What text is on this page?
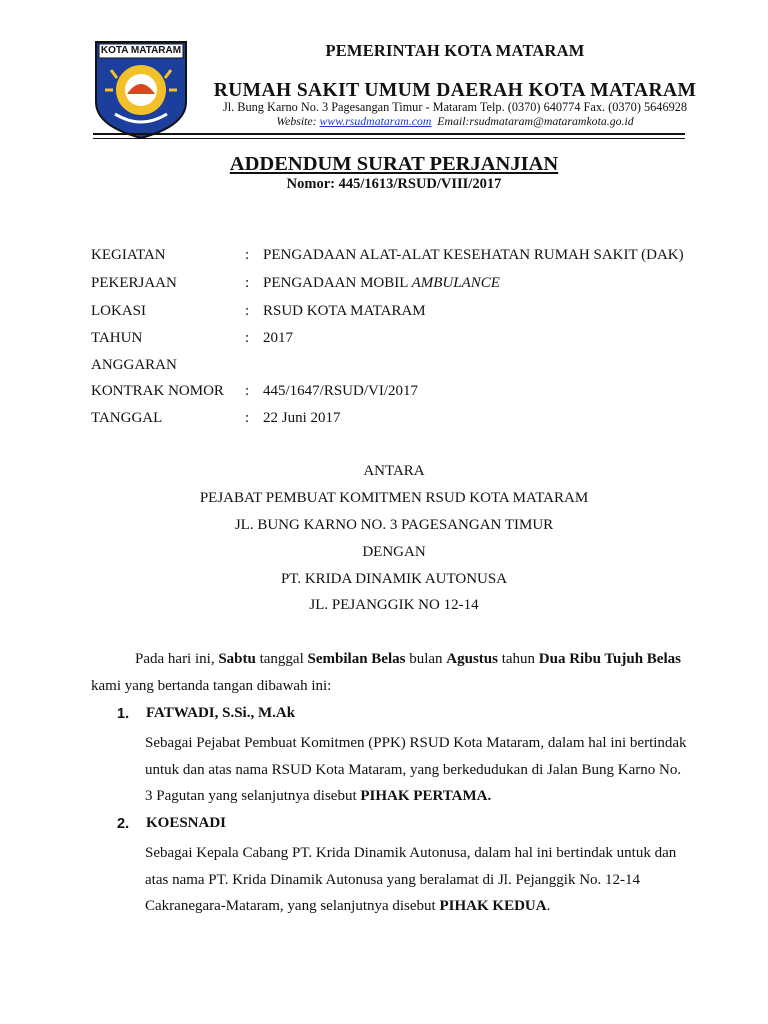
KOTA MATARAM	PEMERINTAH KOTA MATARAM
RUMAH SAKIT UMUM DAERAH KOTA MATARAM
Jl. Bung Karno No. 3 Pagesangan Timur - Mataram Telp. (0370) 640774 Fax. (0370) 5646928
Website: www.rsudmataram.com Email:rsudmataram@mataramkota.go.id
ADDENDUM SURAT PERJANJIAN
Nomor: 445/1613/RSUD/VIII/2017
KEGIATAN	: PENGADAAN ALAT-ALAT KESEHATAN RUMAH SAKIT (DAK)
PEKERJAAN	: PENGADAAN MOBIL AMBULANCE
LOKASI	: RSUD KOTA MATARAM
TAHUN	: 2017
ANGGARAN
KONTRAK NOMOR : 445/1647/RSUD/VI/2017
TANGGAL	: 22 Juni 2017
ANTARA
PEJABAT PEMBUAT KOMITMEN RSUD KOTA MATARAM
JL. BUNG KARNO NO. 3 PAGESANGAN TIMUR
DENGAN
PT. KRIDA DINAMIK AUTONUSA
JL. PEJANGGIK NO 12-14
Pada hari ini, Sabtu tanggal Sembilan Belas bulan Agustus tahun Dua Ribu Tujuh Belas
kami yang bertanda tangan dibawah ini:
1. FATWADI, S.Si., M.Ak
Sebagai Pejabat Pembuat Komitmen (PPK) RSUD Kota Mataram, dalam hal ini bertindak
untuk dan atas nama RSUD Kota Mataram, yang berkedudukan di Jalan Bung Karno No.
3 Pagutan yang selanjutnya disebut PIHAK PERTAMA.
2. KOESNADI
Sebagai Kepala Cabang PT. Krida Dinamik Autonusa, dalam hal ini bertindak untuk dan
atas nama PT. Krida Dinamik Autonusa yang beralamat di Jl. Pejanggik No. 12-14
Cakranegara-Mataram, yang selanjutnya disebut PIHAK KEDUA.
